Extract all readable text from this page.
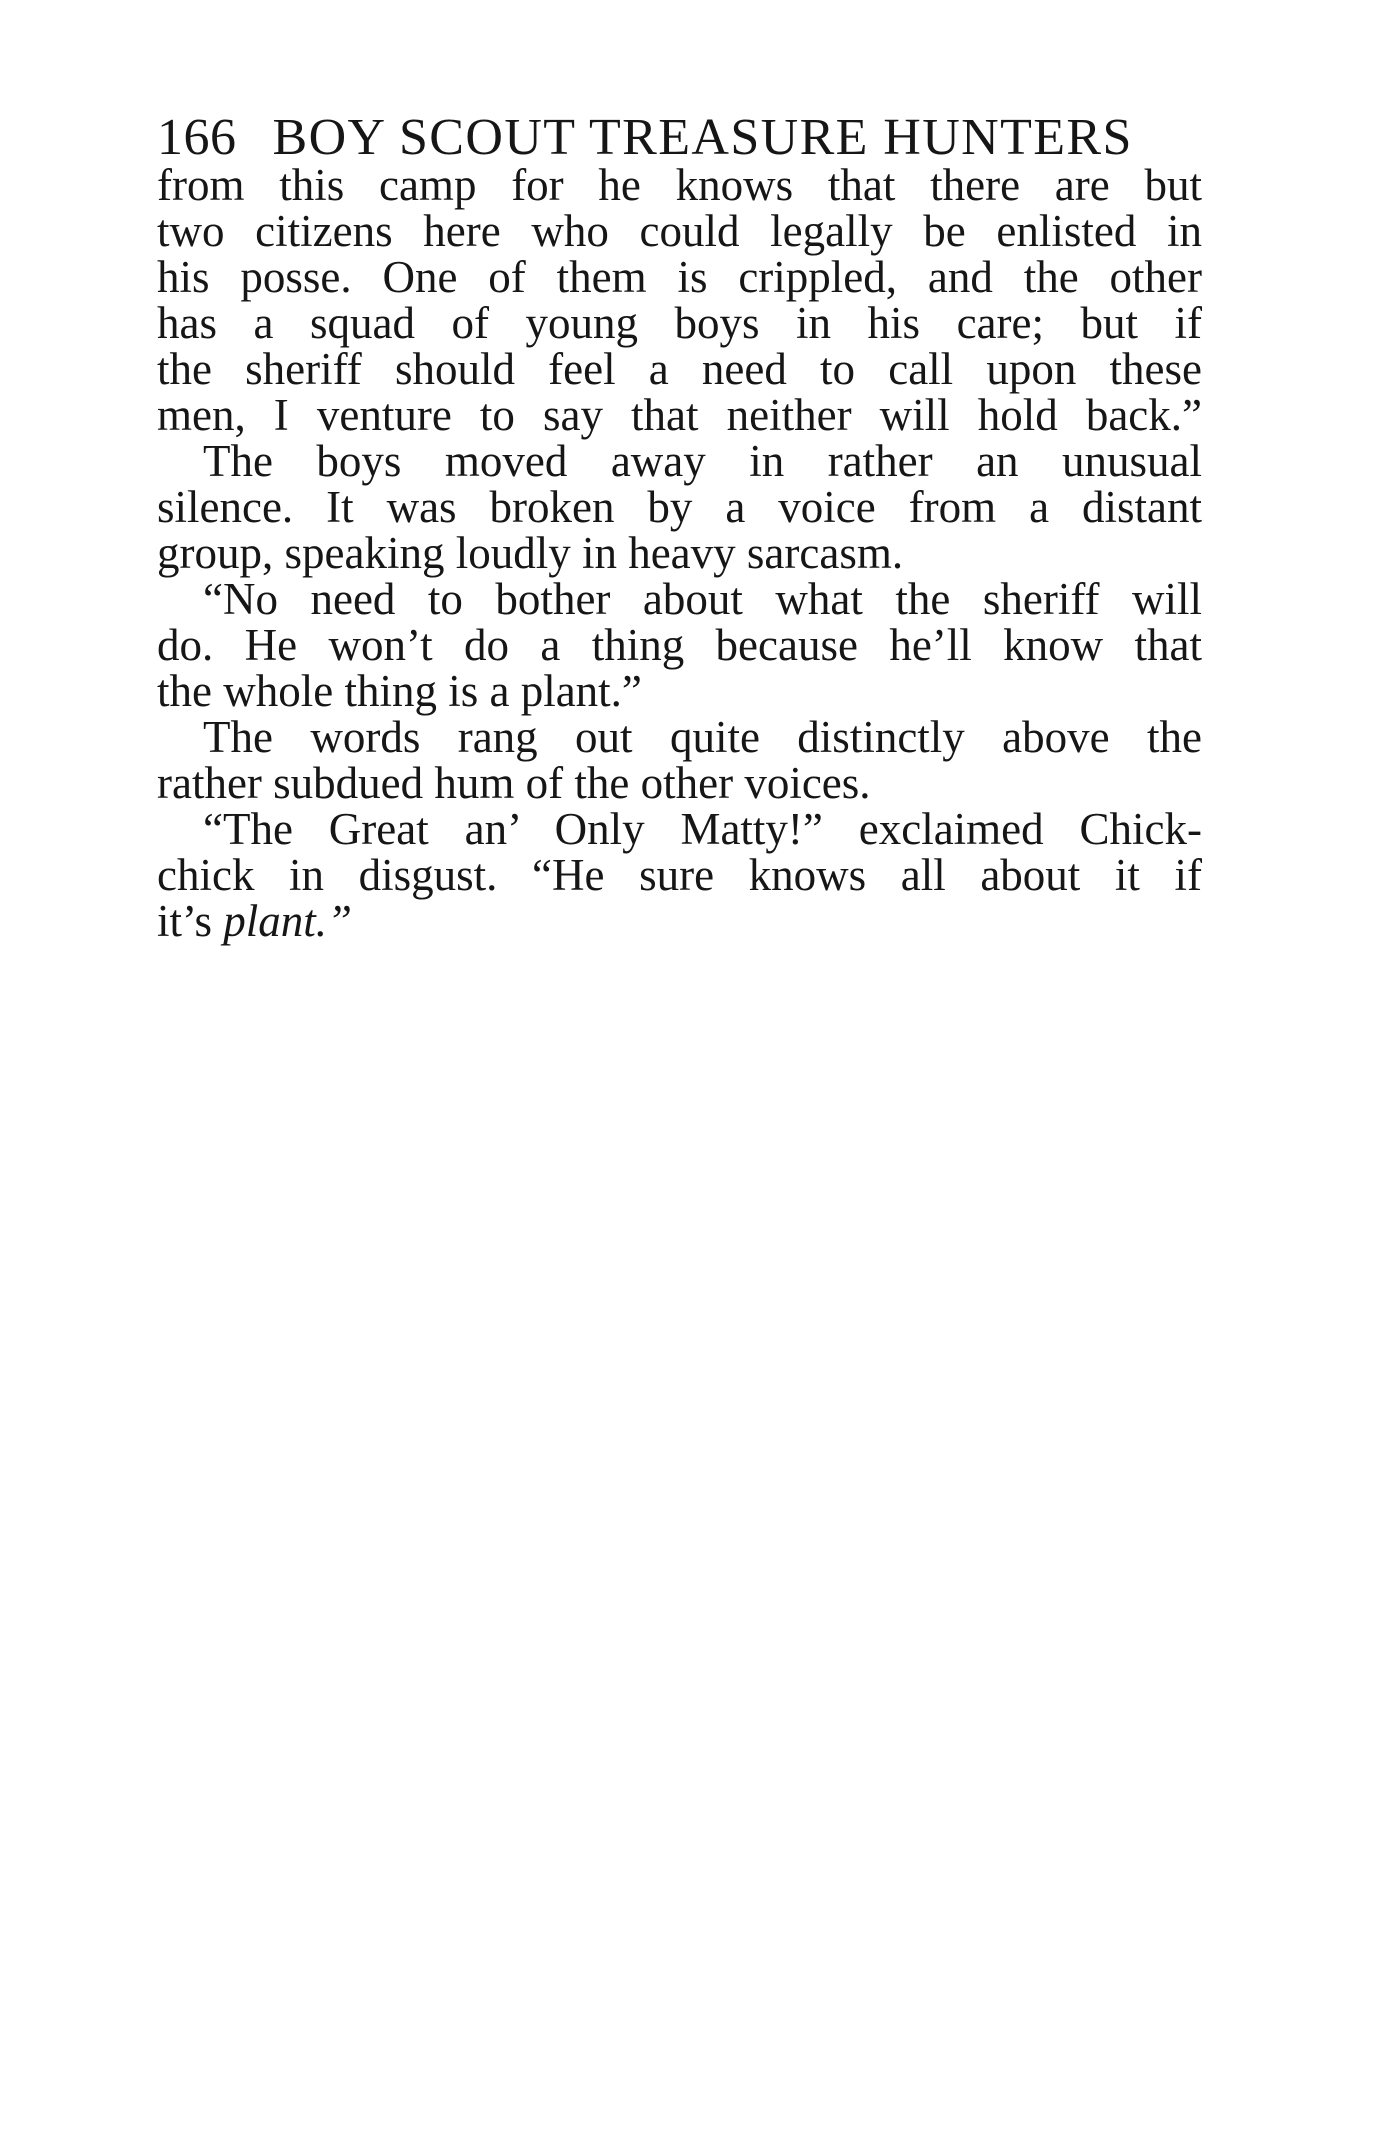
166 BOY SCOUT TREASURE HUNTERS
from this camp for he knows that there are but
two citizens here who could legally be enlisted in
his posse. One of them is crippled, and the other
has a squad of young boys in his care; but if
the sheriff should feel a need to call upon these
men, I venture to say that neither will hold back.”
The boys moved away in rather an unusual
silence. It was broken by a voice from a distant
group, speaking loudly in heavy sarcasm.
“No need to bother about what the sheriff will
do. He won’t do a thing because he’ll know that
the whole thing is a plant.”
The words rang out quite distinctly above the
rather subdued hum of the other voices.
“The Great an’ Only Matty!” exclaimed Chick-
chick in disgust. “He sure knows all about it if
it’s plant.”
